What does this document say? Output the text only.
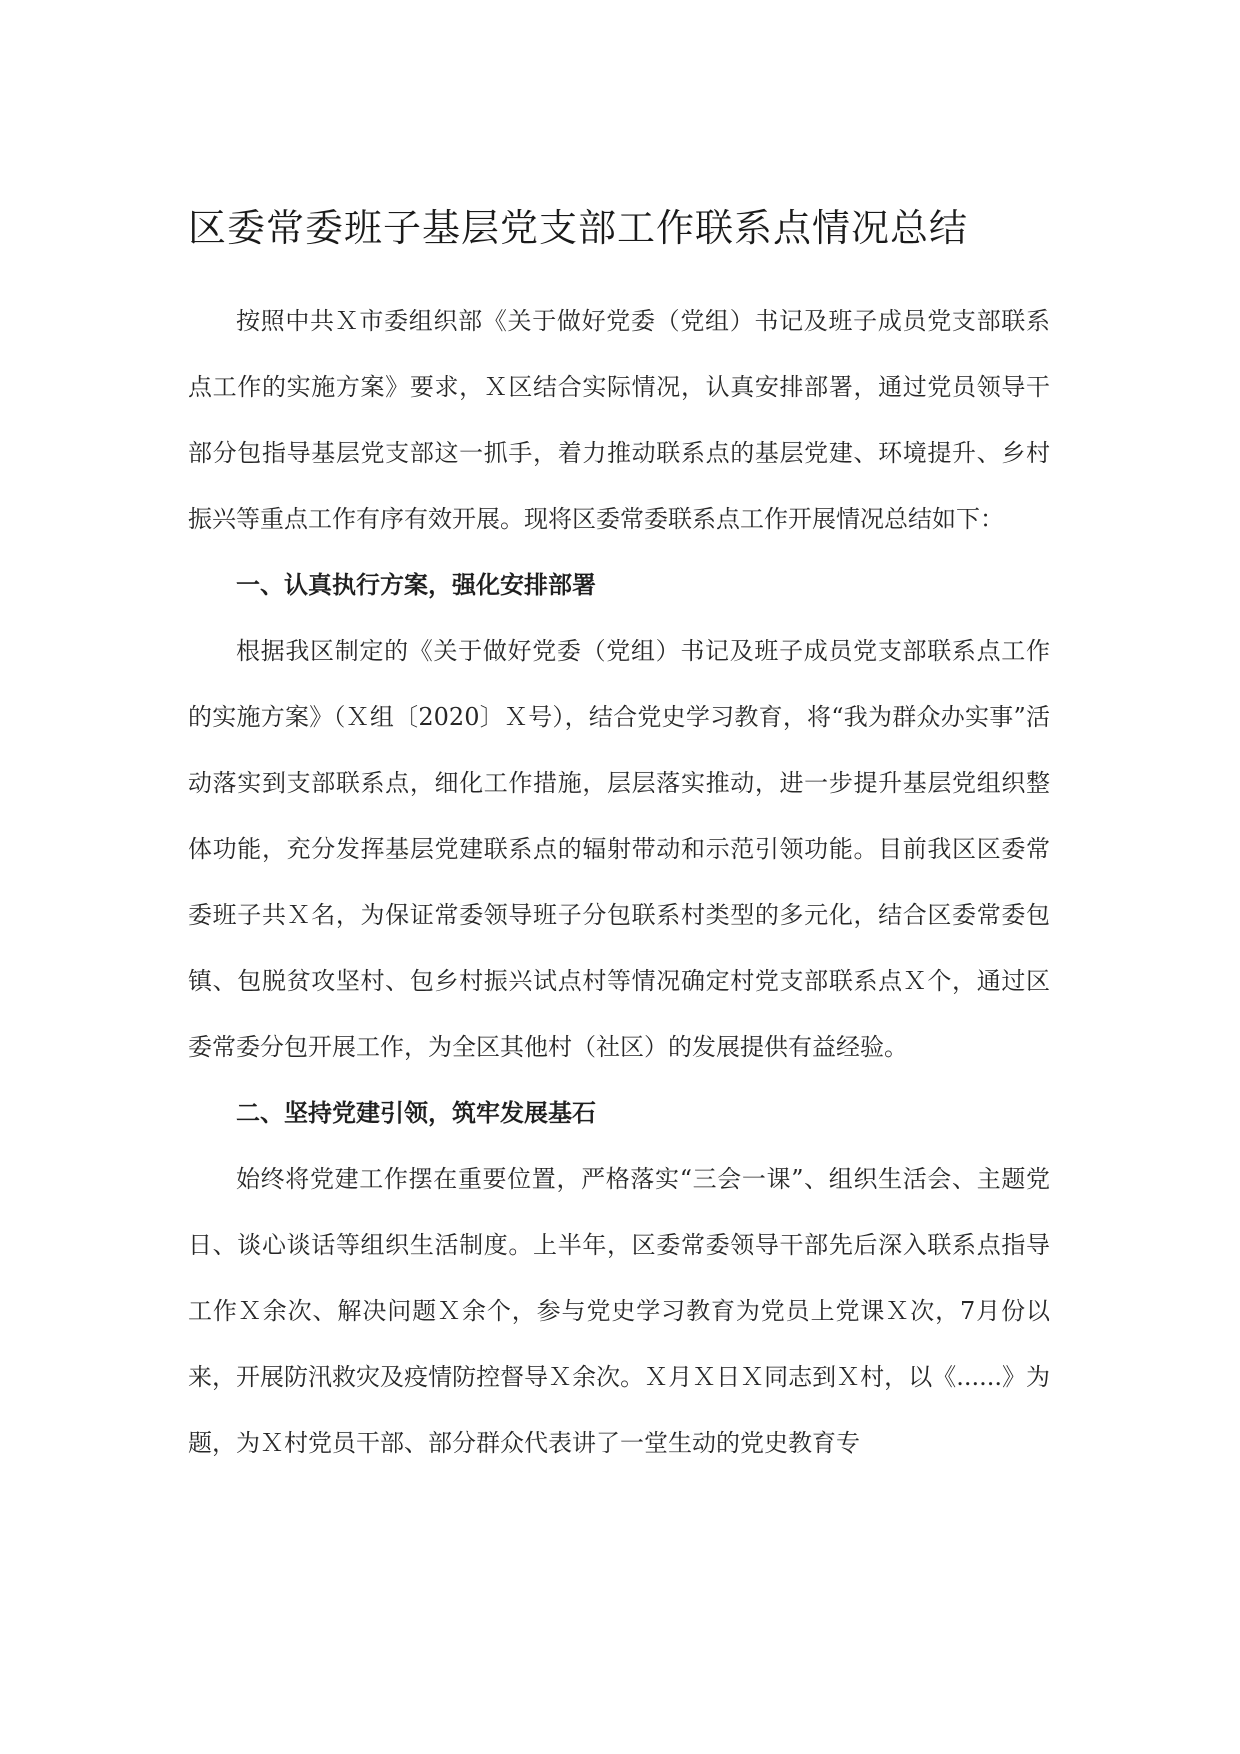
区委常委班子基层党支部工作联系点情况总结

按照中共Ｘ市委组织部《关于做好党委（党组）书记及班子成员党支部联系点工作的实施方案》要求，Ｘ区结合实际情况，认真安排部署，通过党员领导干部分包指导基层党支部这一抓手，着力推动联系点的基层党建、环境提升、乡村振兴等重点工作有序有效开展。现将区委常委联系点工作开展情况总结如下：

一、认真执行方案，强化安排部署

根据我区制定的《关于做好党委（党组）书记及班子成员党支部联系点工作的实施方案》（Ｘ组〔2020〕Ｘ号），结合党史学习教育，将“我为群众办实事”活动落实到支部联系点，细化工作措施，层层落实推动，进一步提升基层党组织整体功能，充分发挥基层党建联系点的辐射带动和示范引领功能。目前我区区委常委班子共Ｘ名，为保证常委领导班子分包联系村类型的多元化，结合区委常委包镇、包脱贫攻坚村、包乡村振兴试点村等情况确定村党支部联系点Ｘ个，通过区委常委分包开展工作，为全区其他村（社区）的发展提供有益经验。

二、坚持党建引领，筑牢发展基石

始终将党建工作摆在重要位置，严格落实“三会一课”、组织生活会、主题党日、谈心谈话等组织生活制度。上半年，区委常委领导干部先后深入联系点指导工作Ｘ余次、解决问题Ｘ余个，参与党史学习教育为党员上党课Ｘ次，7月份以来，开展防汛救灾及疫情防控督导Ｘ余次。Ｘ月Ｘ日Ｘ同志到Ｘ村，以《......》为题，为Ｘ村党员干部、部分群众代表讲了一堂生动的党史教育专
